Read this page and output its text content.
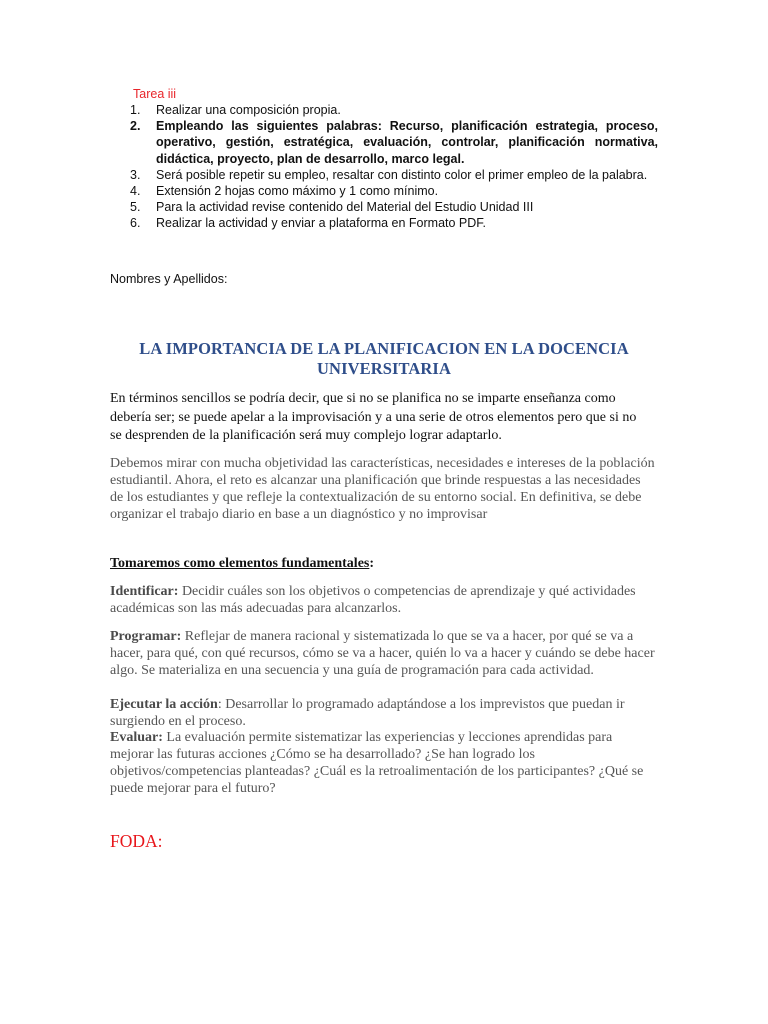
Tarea iii
1. Realizar una composición propia.
2. Empleando las siguientes palabras: Recurso, planificación estrategia, proceso, operativo, gestión, estratégica, evaluación, controlar, planificación normativa, didáctica, proyecto, plan de desarrollo, marco legal.
3. Será posible repetir su empleo, resaltar con distinto color el primer empleo de la palabra.
4. Extensión 2 hojas como máximo y 1 como mínimo.
5. Para la actividad revise contenido del Material del Estudio Unidad III
6. Realizar la actividad y enviar a plataforma en Formato PDF.
Nombres y Apellidos:
LA IMPORTANCIA DE LA PLANIFICACION EN LA DOCENCIA
UNIVERSITARIA

En términos sencillos se podría decir, que si no se planifica no se imparte enseñanza como debería ser; se puede apelar a la improvisación y a una serie de otros elementos pero que si no se desprenden de la planificación será muy complejo lograr adaptarlo.

Debemos mirar con mucha objetividad las características, necesidades e intereses de la población estudiantil. Ahora, el reto es alcanzar una planificación que brinde respuestas a las necesidades de los estudiantes y que refleje la contextualización de su entorno social. En definitiva, se debe organizar el trabajo diario en base a un diagnóstico y no improvisar

Tomaremos como elementos fundamentales:

Identificar: Decidir cuáles son los objetivos o competencias de aprendizaje y qué actividades académicas son las más adecuadas para alcanzarlos.

Programar: Reflejar de manera racional y sistematizada lo que se va a hacer, por qué se va a hacer, para qué, con qué recursos, cómo se va a hacer, quién lo va a hacer y cuándo se debe hacer algo. Se materializa en una secuencia y una guía de programación para cada actividad.

Ejecutar la acción: Desarrollar lo programado adaptándose a los imprevistos que puedan ir surgiendo en el proceso.

Evaluar: La evaluación permite sistematizar las experiencias y lecciones aprendidas para mejorar las futuras acciones ¿Cómo se ha desarrollado? ¿Se han logrado los objetivos/competencias planteadas? ¿Cuál es la retroalimentación de los participantes? ¿Qué se puede mejorar para el futuro?

FODA:
